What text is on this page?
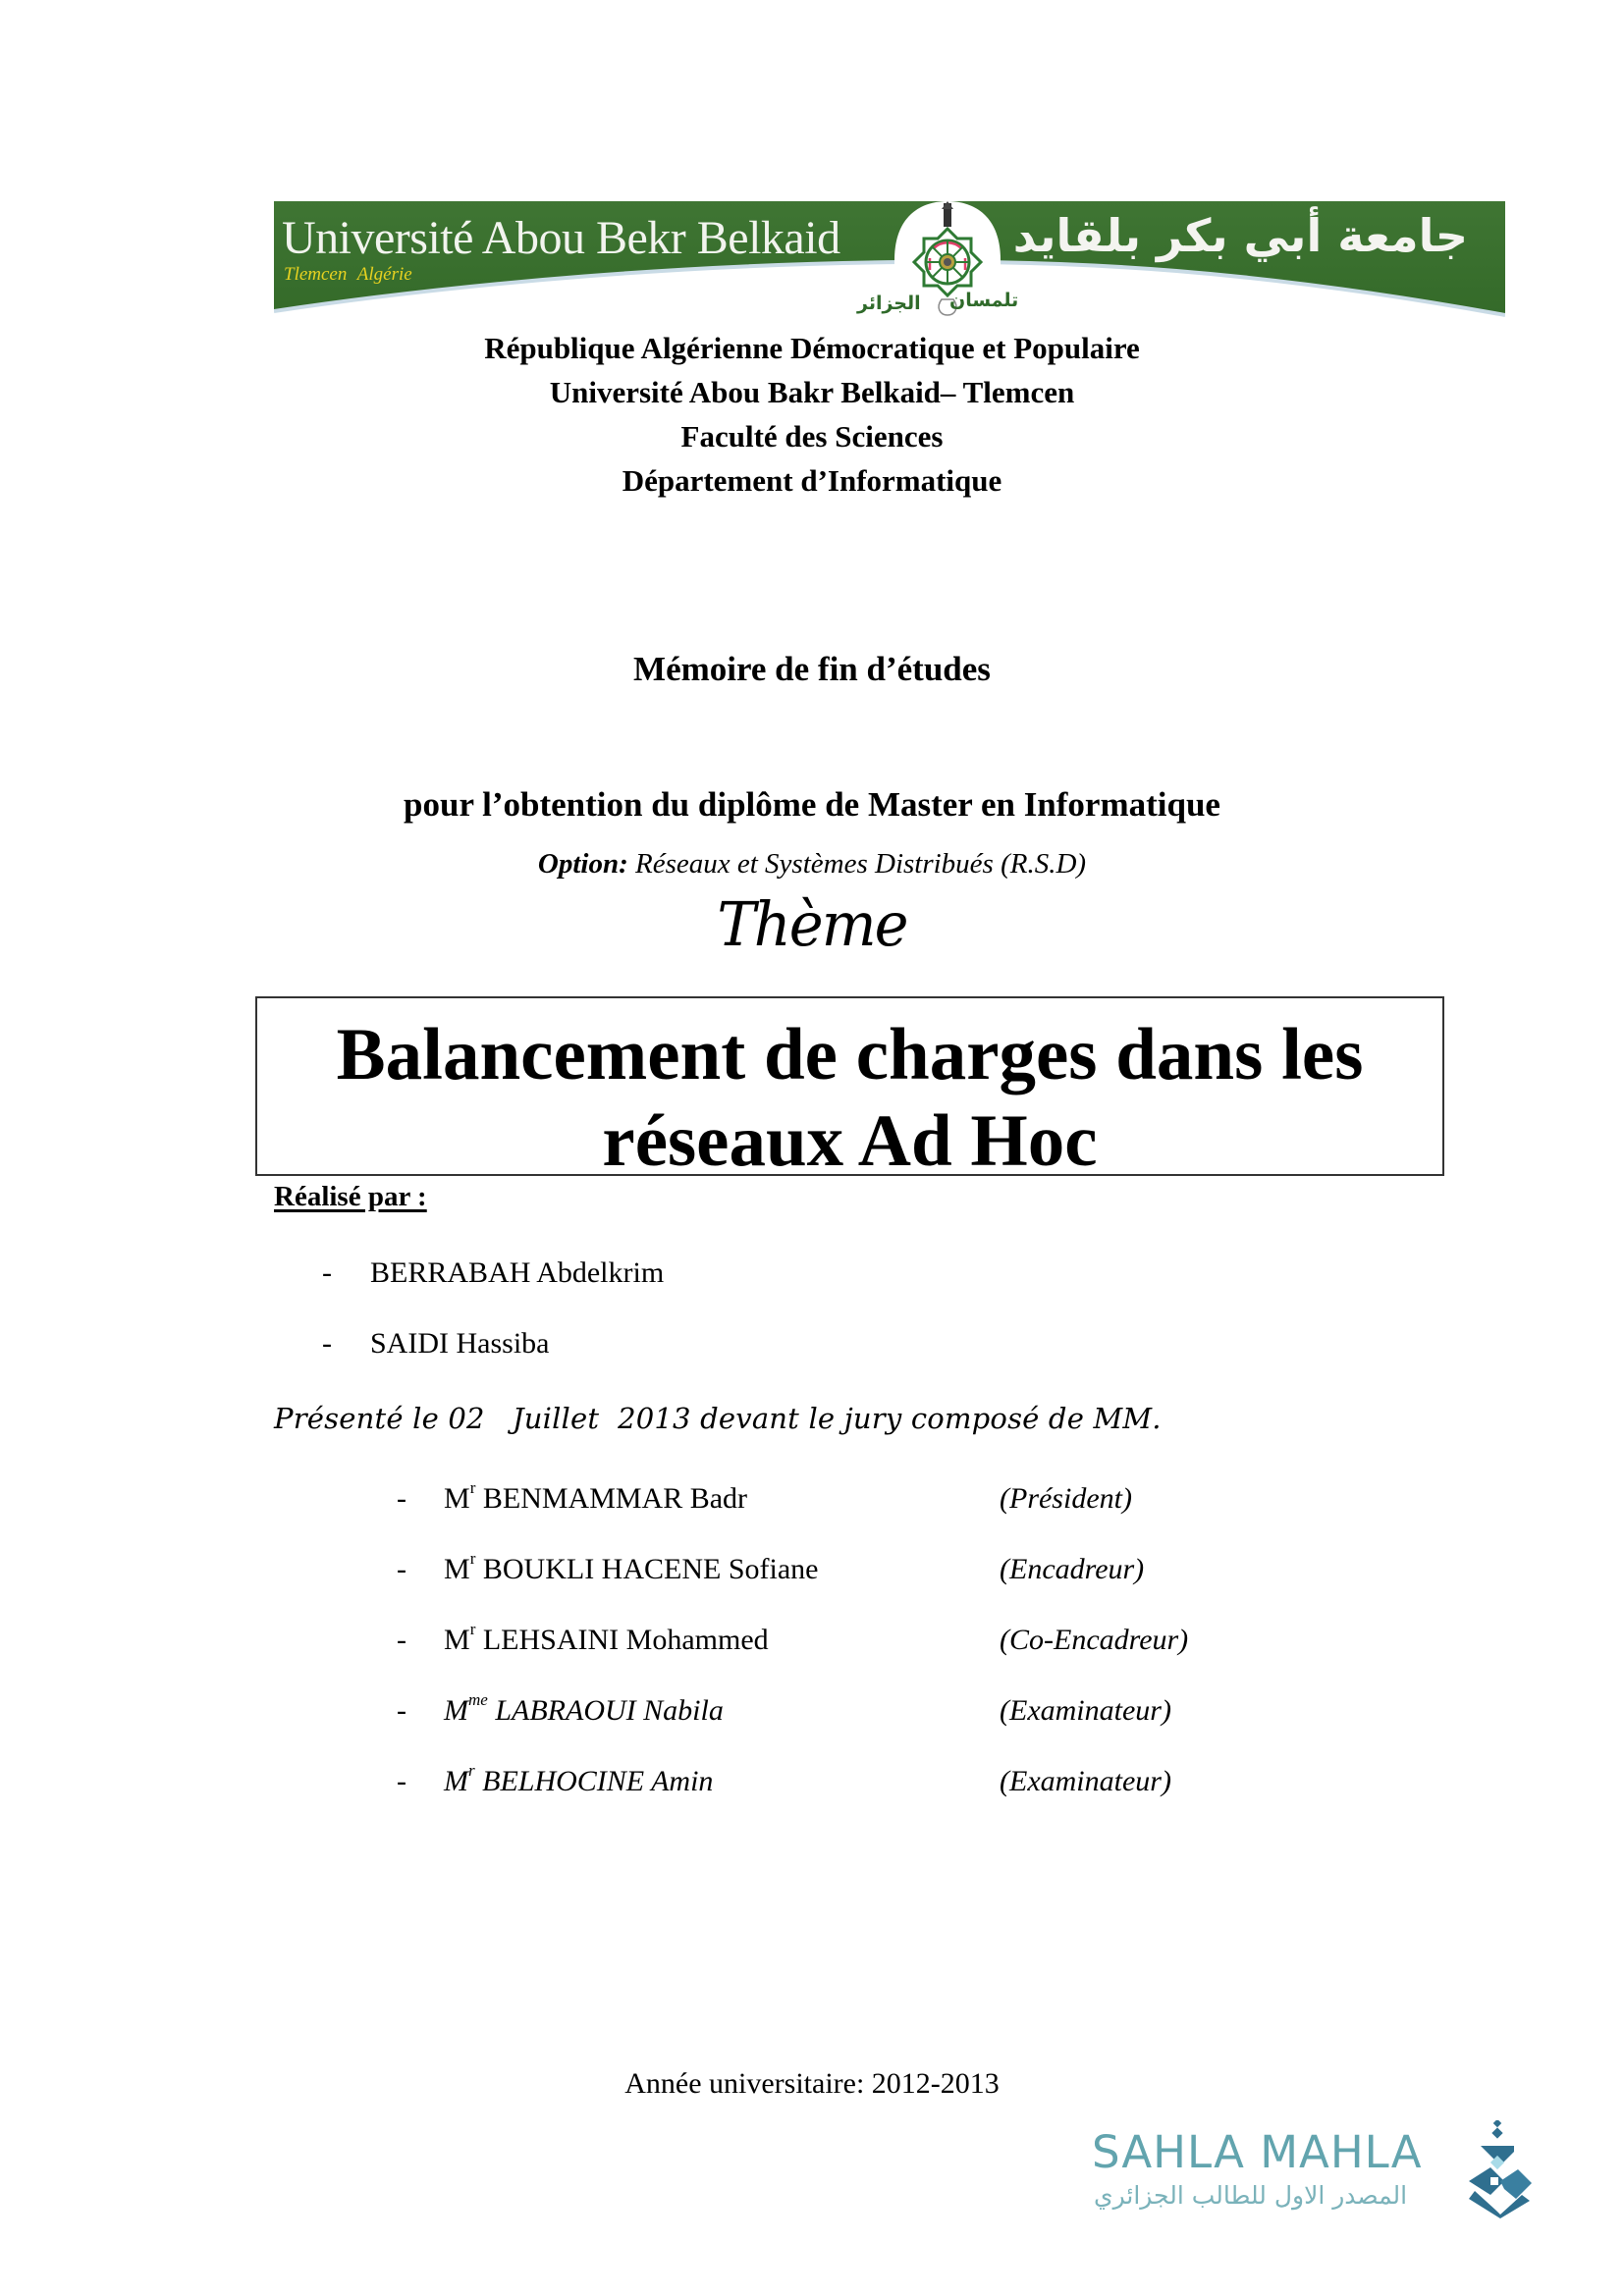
Université Abou Bekr Belkaid
Tlemcen Algérie
جامعة أبي بكر بلقايد
الجزائر تلمسان
République Algérienne Démocratique et Populaire
Université Abou Bakr Belkaid– Tlemcen
Faculté des Sciences
Département d’Informatique
Mémoire de fin d’études
pour l’obtention du diplôme de Master en Informatique
Option: Réseaux et Systèmes Distribués (R.S.D)
Thème
Balancement de charges dans les
réseaux Ad Hoc
Réalisé par :
- BERRABAH Abdelkrim
- SAIDI Hassiba
Présenté le 02   Juillet  2013 devant le jury composé de MM.
- $M^r$ BENMAMMAR Badr	(Président)
- $M^r$ BOUKLI HACENE Sofiane	(Encadreur)
- $M^r$ LEHSAINI Mohammed	(Co-Encadreur)
- $M^{me}$ LABRAOUI Nabila	(Examinateur)
- $M^r$ BELHOCINE Amin	(Examinateur)
Année universitaire: 2012-2013
SAHLA MAHLA
المصدر الاول للطالب الجزائري
